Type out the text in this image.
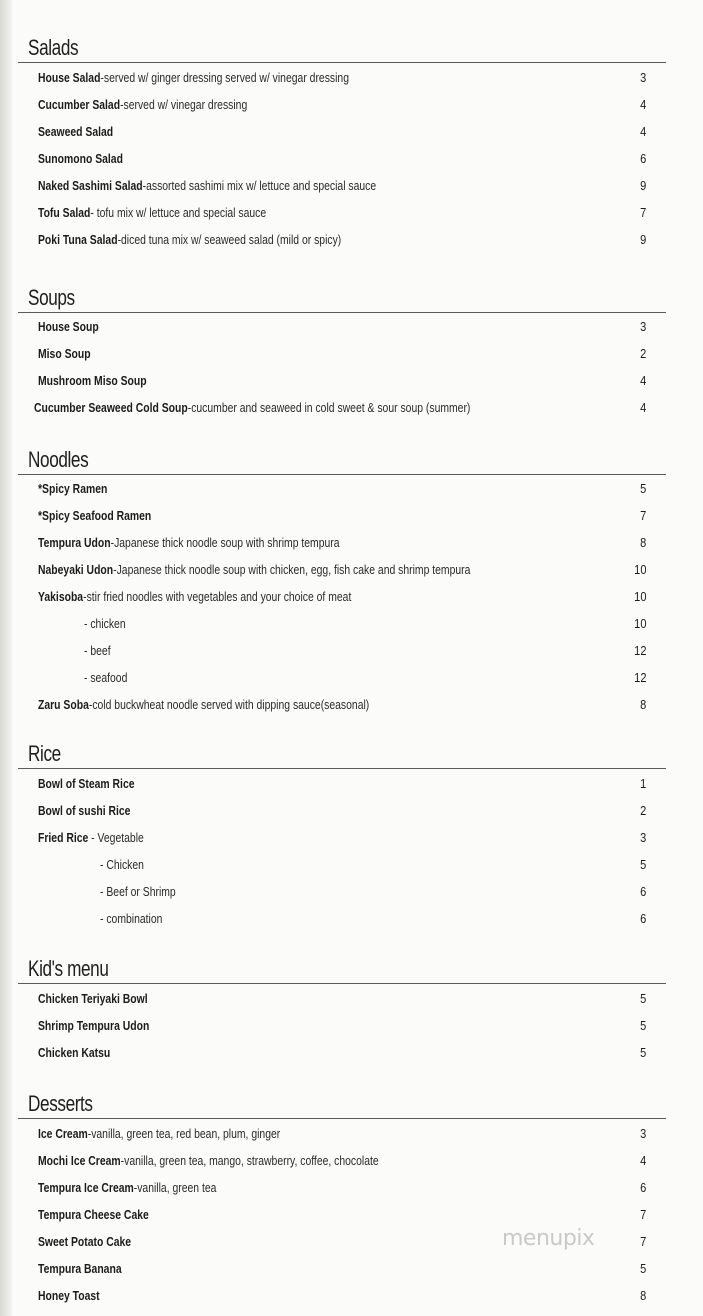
Salads
House Salad-served w/ ginger dressing served w/ vinegar dressing	3
Cucumber Salad-served w/ vinegar dressing	4
Seaweed Salad	4
Sunomono Salad	6
Naked Sashimi Salad-assorted sashimi mix w/ lettuce and special sauce	9
Tofu Salad- tofu mix w/ lettuce and special sauce	7
Poki Tuna Salad-diced tuna mix w/ seaweed salad (mild or spicy)	9
Soups
House Soup	3
Miso Soup	2
Mushroom Miso Soup	4
Cucumber Seaweed Cold Soup-cucumber and seaweed in cold sweet & sour soup (summer)	4
Noodles
*Spicy Ramen	5
*Spicy Seafood Ramen	7
Tempura Udon-Japanese thick noodle soup with shrimp tempura	8
Nabeyaki Udon-Japanese thick noodle soup with chicken, egg, fish cake and shrimp tempura	10
Yakisoba-stir fried noodles with vegetables and your choice of meat	10
- chicken	10
- beef	12
- seafood	12
Zaru Soba-cold buckwheat noodle served with dipping sauce(seasonal)	8
Rice
Bowl of Steam Rice	1
Bowl of sushi Rice	2
Fried Rice - Vegetable	3
- Chicken	5
- Beef or Shrimp	6
- combination	6
Kid's menu
Chicken Teriyaki Bowl	5
Shrimp Tempura Udon	5
Chicken Katsu	5
Desserts
Ice Cream-vanilla, green tea, red bean, plum, ginger	3
Mochi Ice Cream-vanilla, green tea, mango, strawberry, coffee, chocolate	4
Tempura Ice Cream-vanilla, green tea	6
Tempura Cheese Cake	7
Sweet Potato Cake	7
Tempura Banana	5
Honey Toast	8
menupix
